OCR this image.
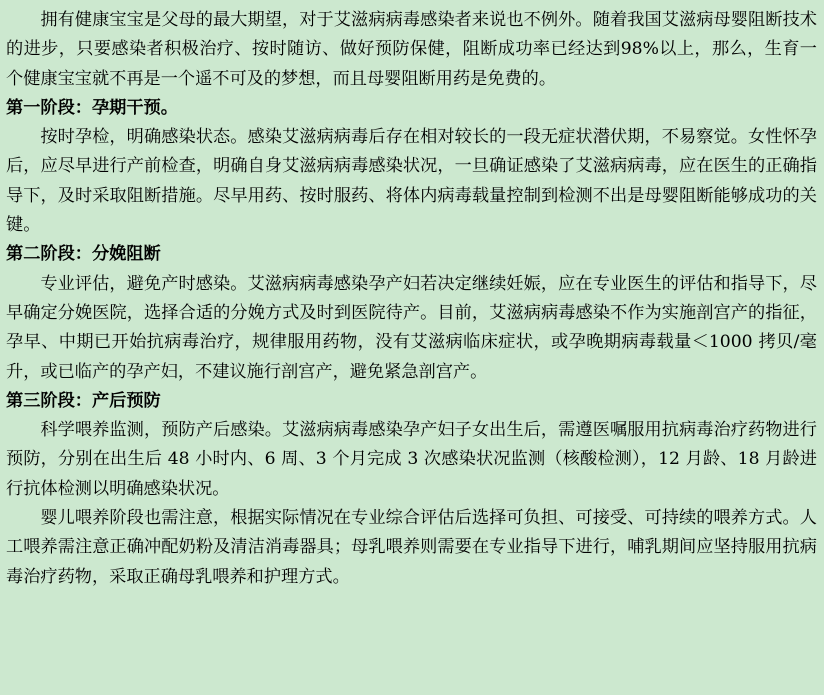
拥有健康宝宝是父母的最大期望，对于艾滋病病毒感染者来说也不例外。随着我国艾滋病母婴阻断技术的进步，只要感染者积极治疗、按时随访、做好预防保健，阻断成功率已经达到98%以上，那么，生育一个健康宝宝就不再是一个遥不可及的梦想，而且母婴阻断用药是免费的。

第一阶段：孕期干预。

按时孕检，明确感染状态。感染艾滋病病毒后存在相对较长的一段无症状潜伏期，不易察觉。女性怀孕后，应尽早进行产前检查，明确自身艾滋病病毒感染状况，一旦确证感染了艾滋病病毒，应在医生的正确指导下，及时采取阻断措施。尽早用药、按时服药、将体内病毒载量控制到检测不出是母婴阻断能够成功的关键。

第二阶段：分娩阻断

专业评估，避免产时感染。艾滋病病毒感染孕产妇若决定继续妊娠，应在专业医生的评估和指导下，尽早确定分娩医院，选择合适的分娩方式及时到医院待产。目前，艾滋病病毒感染不作为实施剖宫产的指征，孕早、中期已开始抗病毒治疗，规律服用药物，没有艾滋病临床症状，或孕晚期病毒载量＜1000 拷贝/毫升，或已临产的孕产妇，不建议施行剖宫产，避免紧急剖宫产。

第三阶段：产后预防

科学喂养监测，预防产后感染。艾滋病病毒感染孕产妇子女出生后，需遵医嘱服用抗病毒治疗药物进行预防，分别在出生后 48 小时内、6 周、3 个月完成 3 次感染状况监测（核酸检测），12 月龄、18 月龄进行抗体检测以明确感染状况。

婴儿喂养阶段也需注意，根据实际情况在专业综合评估后选择可负担、可接受、可持续的喂养方式。人工喂养需注意正确冲配奶粉及清洁消毒器具；母乳喂养则需要在专业指导下进行，哺乳期间应坚持服用抗病毒治疗药物，采取正确母乳喂养和护理方式。
